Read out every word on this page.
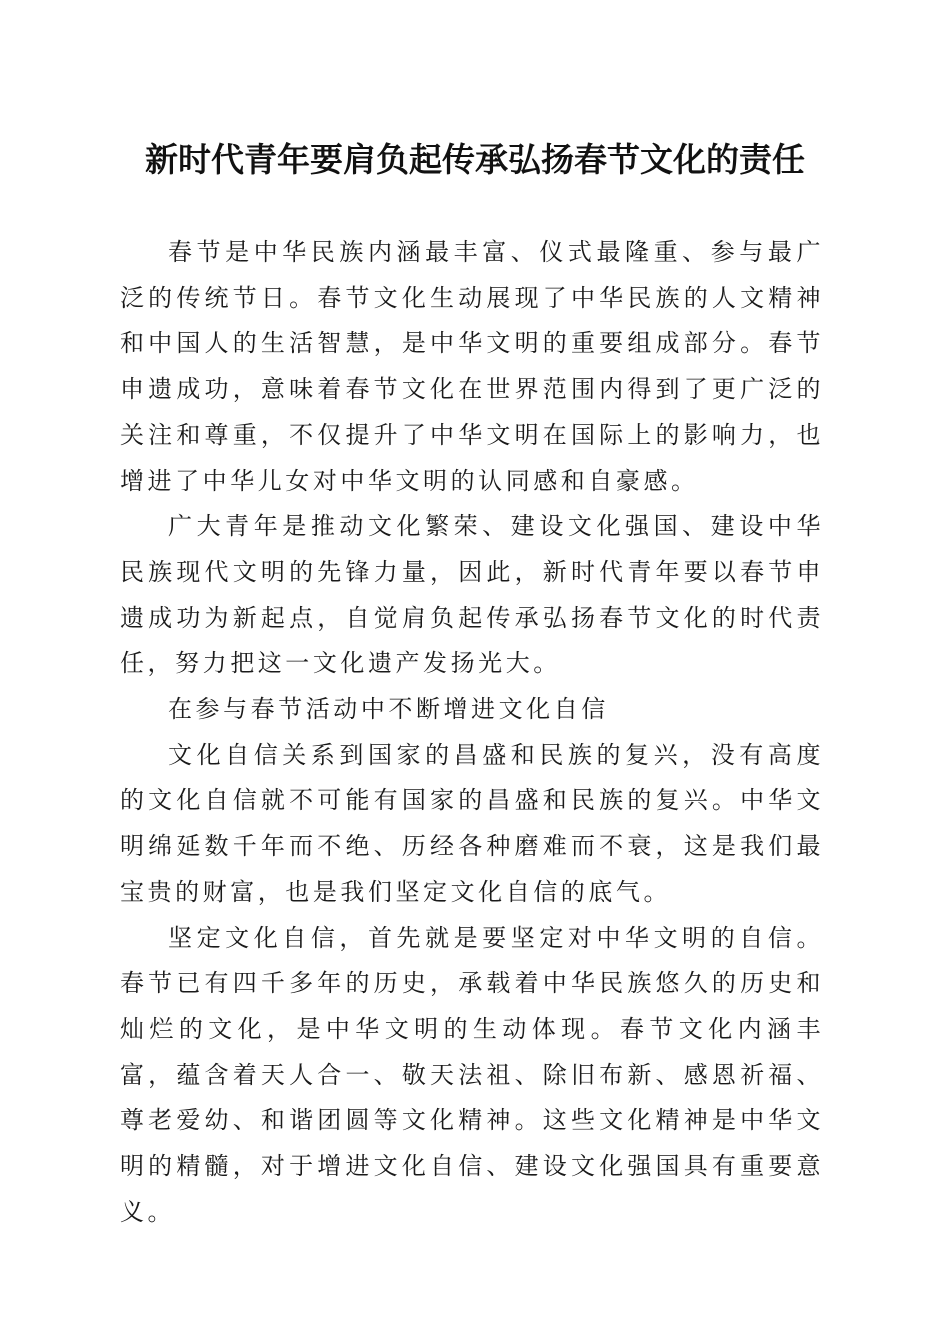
新时代青年要肩负起传承弘扬春节文化的责任

春节是中华民族内涵最丰富、仪式最隆重、参与最广泛的传统节日。春节文化生动展现了中华民族的人文精神和中国人的生活智慧，是中华文明的重要组成部分。春节申遗成功，意味着春节文化在世界范围内得到了更广泛的关注和尊重，不仅提升了中华文明在国际上的影响力，也增进了中华儿女对中华文明的认同感和自豪感。

广大青年是推动文化繁荣、建设文化强国、建设中华民族现代文明的先锋力量，因此，新时代青年要以春节申遗成功为新起点，自觉肩负起传承弘扬春节文化的时代责任，努力把这一文化遗产发扬光大。

在参与春节活动中不断增进文化自信

文化自信关系到国家的昌盛和民族的复兴，没有高度的文化自信就不可能有国家的昌盛和民族的复兴。中华文明绵延数千年而不绝、历经各种磨难而不衰，这是我们最宝贵的财富，也是我们坚定文化自信的底气。

坚定文化自信，首先就是要坚定对中华文明的自信。春节已有四千多年的历史，承载着中华民族悠久的历史和灿烂的文化，是中华文明的生动体现。春节文化内涵丰富，蕴含着天人合一、敬天法祖、除旧布新、感恩祈福、尊老爱幼、和谐团圆等文化精神。这些文化精神是中华文明的精髓，对于增进文化自信、建设文化强国具有重要意义。
